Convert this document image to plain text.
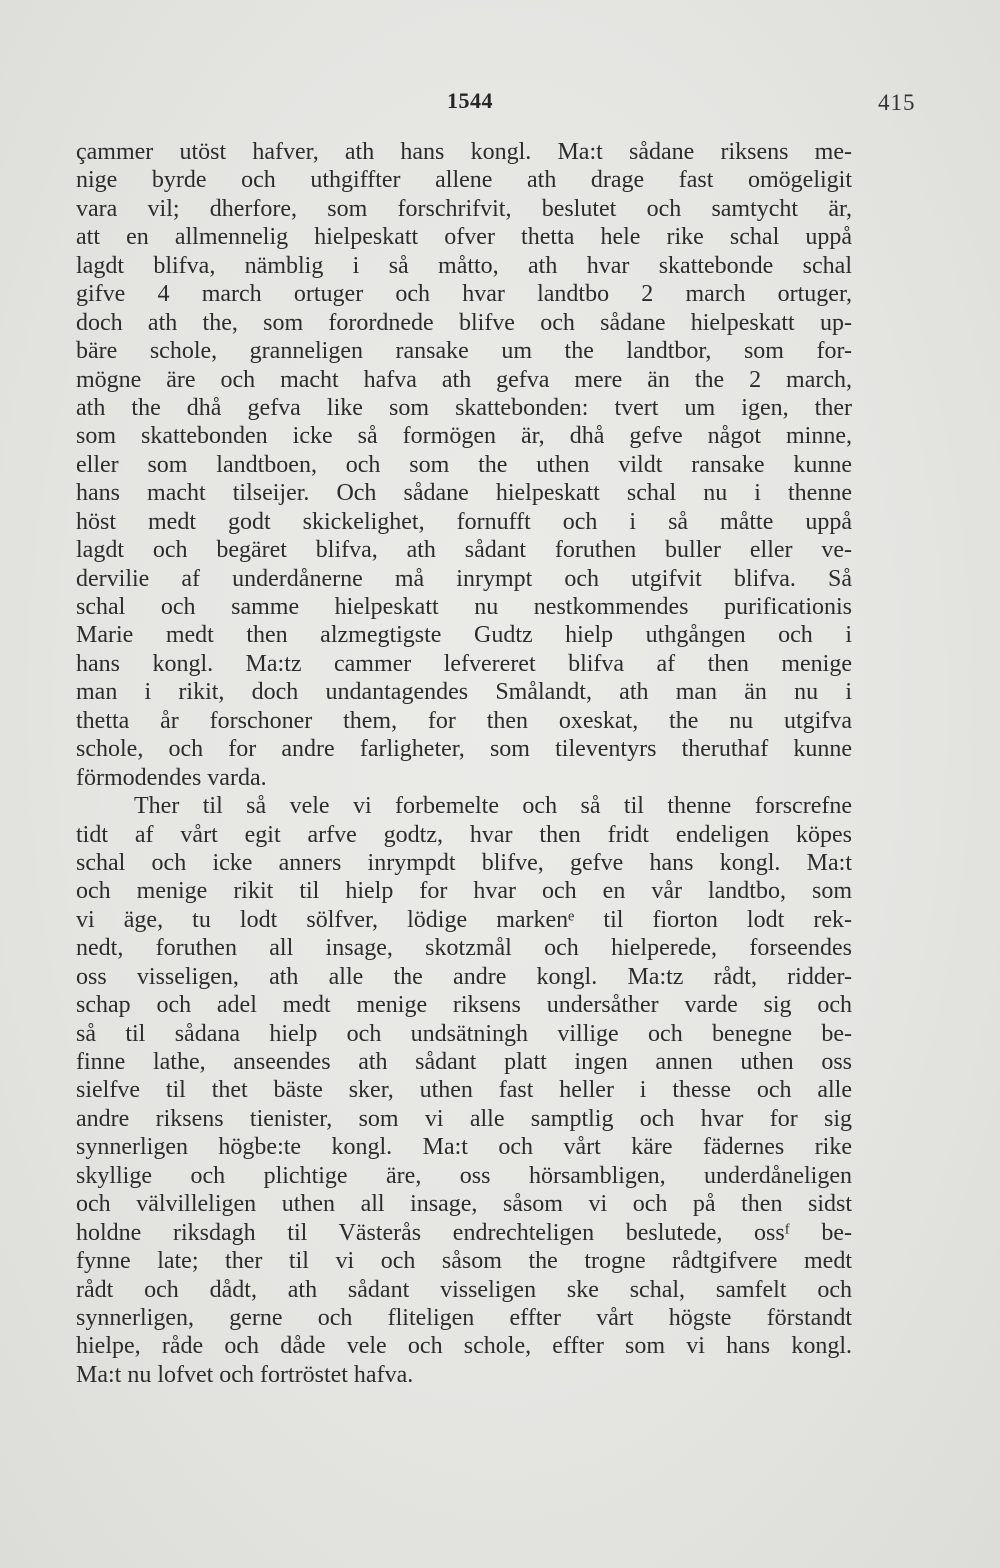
1544	415
çammer utöst hafver, ath hans kongl. Ma:t sådane riksens me-
nige byrde och uthgiffter allene ath drage fast omögeligit
vara vil; dherfore, som forschrifvit, beslutet och samtycht är,
att en allmennelig hielpeskatt ofver thetta hele rike schal uppå
lagdt blifva, nämblig i så måtto, ath hvar skattebonde schal
gifve 4 march ortuger och hvar landtbo 2 march ortuger,
doch ath the, som forordnede blifve och sådane hielpeskatt up-
bäre schole, granneligen ransake um the landtbor, som for-
mögne äre och macht hafva ath gefva mere än the 2 march,
ath the dhå gefva like som skattebonden: tvert um igen, ther
som skattebonden icke så formögen är, dhå gefve något minne,
eller som landtboen, och som the uthen vildt ransake kunne
hans macht tilseijer. Och sådane hielpeskatt schal nu i thenne
höst medt godt skickelighet, fornufft och i så måtte uppå
lagdt och begäret blifva, ath sådant foruthen buller eller ve-
dervilie af underdånerne må inrympt och utgifvit blifva. Så
schal och samme hielpeskatt nu nestkommendes purificationis
Marie medt then alzmegtigste Gudtz hielp uthgången och i
hans kongl. Ma:tz cammer lefvereret blifva af then menige
man i rikit, doch undantagendes Smålandt, ath man än nu i
thetta år forschoner them, for then oxeskat, the nu utgifva
schole, och for andre farligheter, som tileventyrs theruthaf kunne
förmodendes varda.
Ther til så vele vi forbemelte och så til thenne forscrefne
tidt af vårt egit arfve godtz, hvar then fridt endeligen köpes
schal och icke anners inrympdt blifve, gefve hans kongl. Ma:t
och menige rikit til hielp for hvar och en vår landtbo, som
vi äge, tu lodt sölfver, lödige markenᵉ til fiorton lodt rek-
nedt, foruthen all insage, skotzmål och hielperede, forseendes
oss visseligen, ath alle the andre kongl. Ma:tz rådt, ridder-
schap och adel medt menige riksens undersåther varde sig och
så til sådana hielp och undsätningh villige och benegne be-
finne lathe, anseendes ath sådant platt ingen annen uthen oss
sielfve til thet bäste sker, uthen fast heller i thesse och alle
andre riksens tienister, som vi alle samptlig och hvar for sig
synnerligen högbe:te kongl. Ma:t och vårt käre fädernes rike
skyllige och plichtige äre, oss hörsambligen, underdåneligen
och välvilleligen uthen all insage, såsom vi och på then sidst
holdne riksdagh til Västerås endrechteligen beslutede, ossᶠ be-
fynne late; ther til vi och såsom the trogne rådtgifvere medt
rådt och dådt, ath sådant visseligen ske schal, samfelt och
synnerligen, gerne och fliteligen effter vårt högste förstandt
hielpe, råde och dåde vele och schole, effter som vi hans kongl.
Ma:t nu lofvet och fortröstet hafva.
